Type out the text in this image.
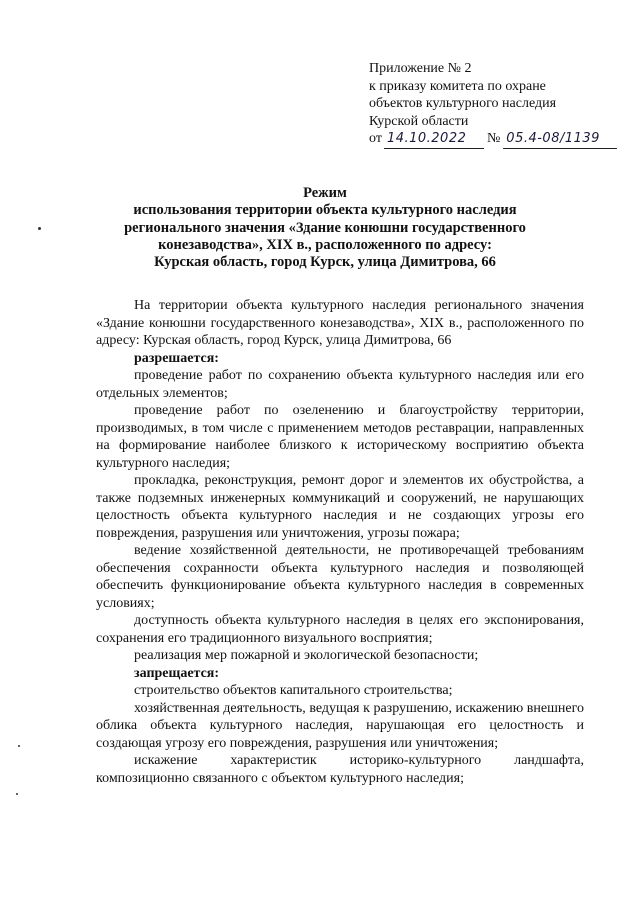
Приложение № 2
к приказу комитета по охране
объектов культурного наследия
Курской области
от 14.10.2022	№ 05.4-08/1139
Режим
использования территории объекта культурного наследия
регионального значения «Здание конюшни государственного
конезаводства», XIX в., расположенного по адресу:
Курская область, город Курск, улица Димитрова, 66

На территории объекта культурного наследия регионального значения «Здание конюшни государственного конезаводства», XIX в., расположенного по адресу: Курская область, город Курск, улица Димитрова, 66

разрешается:

проведение работ по сохранению объекта культурного наследия или его отдельных элементов;

проведение работ по озеленению и благоустройству территории, производимых, в том числе с применением методов реставрации, направленных на формирование наиболее близкого к историческому восприятию объекта культурного наследия;

прокладка, реконструкция, ремонт дорог и элементов их обустройства, а также подземных инженерных коммуникаций и сооружений, не нарушающих целостность объекта культурного наследия и не создающих угрозы его повреждения, разрушения или уничтожения, угрозы пожара;

ведение хозяйственной деятельности, не противоречащей требованиям обеспечения сохранности объекта культурного наследия и позволяющей обеспечить функционирование объекта культурного наследия в современных условиях;

доступность объекта культурного наследия в целях его экспонирования, сохранения его традиционного визуального восприятия;

реализация мер пожарной и экологической безопасности;

запрещается:

строительство объектов капитального строительства;

хозяйственная деятельность, ведущая к разрушению, искажению внешнего облика объекта культурного наследия, нарушающая его целостность и создающая угрозу его повреждения, разрушения или уничтожения;

искажение характеристик историко-культурного ландшафта, композиционно связанного с объектом культурного наследия;
